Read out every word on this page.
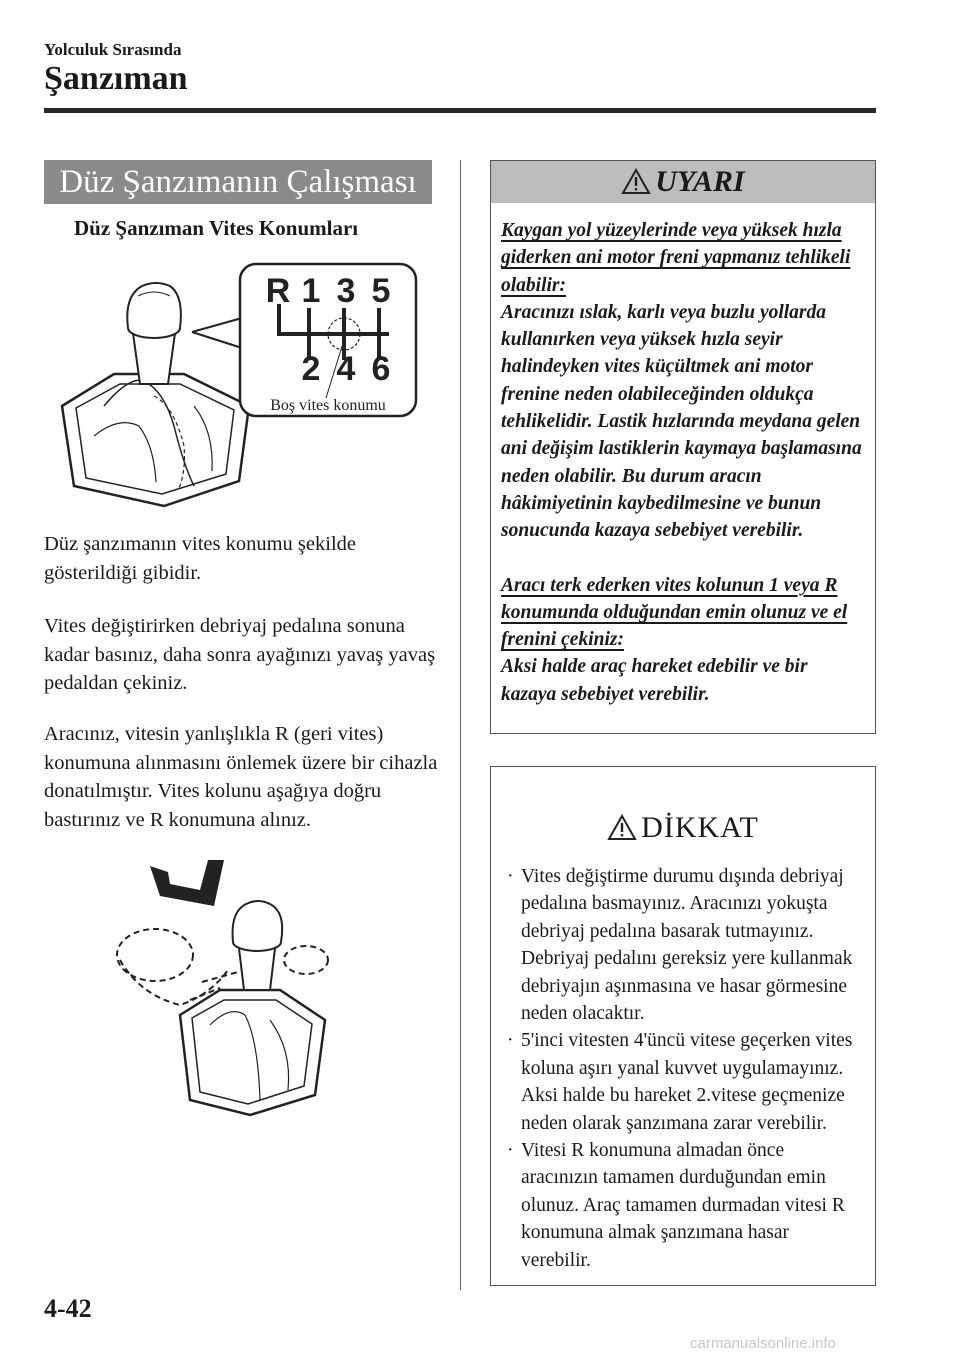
Yolculuk Sırasında
Şanzıman
Düz Şanzımanın Çalışması
Düz Şanzıman Vites Konumları
R 1 3 5
2 4 6
Boş vites konumu
Düz şanzımanın vites konumu şekilde gösterildiği gibidir.
Vites değiştirirken debriyaj pedalına sonuna kadar basınız, daha sonra ayağınızı yavaş yavaş pedaldan çekiniz.
Aracınız, vitesin yanlışlıkla R (geri vites) konumuna alınmasını önlemek üzere bir cihazla donatılmıştır. Vites kolunu aşağıya doğru bastırınız ve R konumuna alınız.
UYARI
Kaygan yol yüzeylerinde veya yüksek hızla giderken ani motor freni yapmanız tehlikeli olabilir:
Aracınızı ıslak, karlı veya buzlu yollarda kullanırken veya yüksek hızla seyir halindeyken vites küçültmek ani motor frenine neden olabileceğinden oldukça tehlikelidir. Lastik hızlarında meydana gelen ani değişim lastiklerin kaymaya başlamasına neden olabilir. Bu durum aracın hâkimiyetinin kaybedilmesine ve bunun sonucunda kazaya sebebiyet verebilir.
Aracı terk ederken vites kolunun 1 veya R konumunda olduğundan emin olunuz ve el frenini çekiniz:
Aksi halde araç hareket edebilir ve bir kazaya sebebiyet verebilir.
DİKKAT
· Vites değiştirme durumu dışında debriyaj pedalına basmayınız. Aracınızı yokuşta debriyaj pedalına basarak tutmayınız. Debriyaj pedalını gereksiz yere kullanmak debriyajın aşınmasına ve hasar görmesine neden olacaktır.
· 5'inci vitesten 4'üncü vitese geçerken vites koluna aşırı yanal kuvvet uygulamayınız. Aksi halde bu hareket 2.vitese geçmenize neden olarak şanzımana zarar verebilir.
· Vitesi R konumuna almadan önce aracınızın tamamen durduğundan emin olunuz. Araç tamamen durmadan vitesi R konumuna almak şanzımana hasar verebilir.
4-42
carmanualsonline.info
